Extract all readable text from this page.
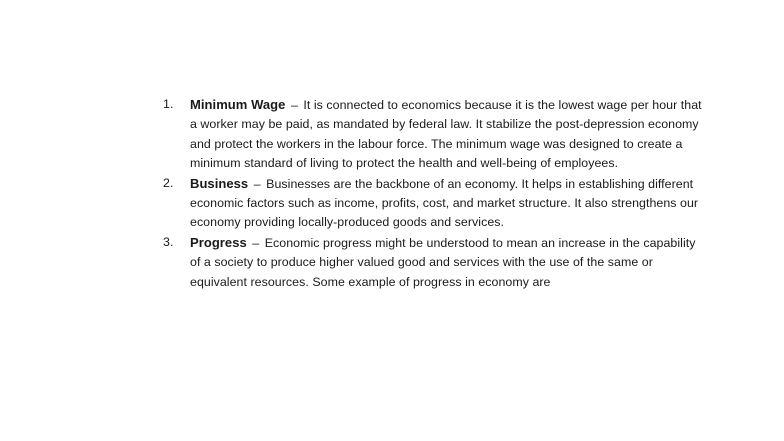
1.	Minimum Wage – It is connected to economics because it is the lowest wage per hour that a worker may be paid, as mandated by federal law. It stabilize the post-depression economy and protect the workers in the labour force. The minimum wage was designed to create a minimum standard of living to protect the health and well-being of employees.
2.	Business – Businesses are the backbone of an economy. It helps in establishing different economic factors such as income, profits, cost, and market structure. It also strengthens our economy providing locally-produced goods and services.
3.	Progress – Economic progress might be understood to mean an increase in the capability of a society to produce higher valued good and services with the use of the same or equivalent resources. Some example of progress in economy are
